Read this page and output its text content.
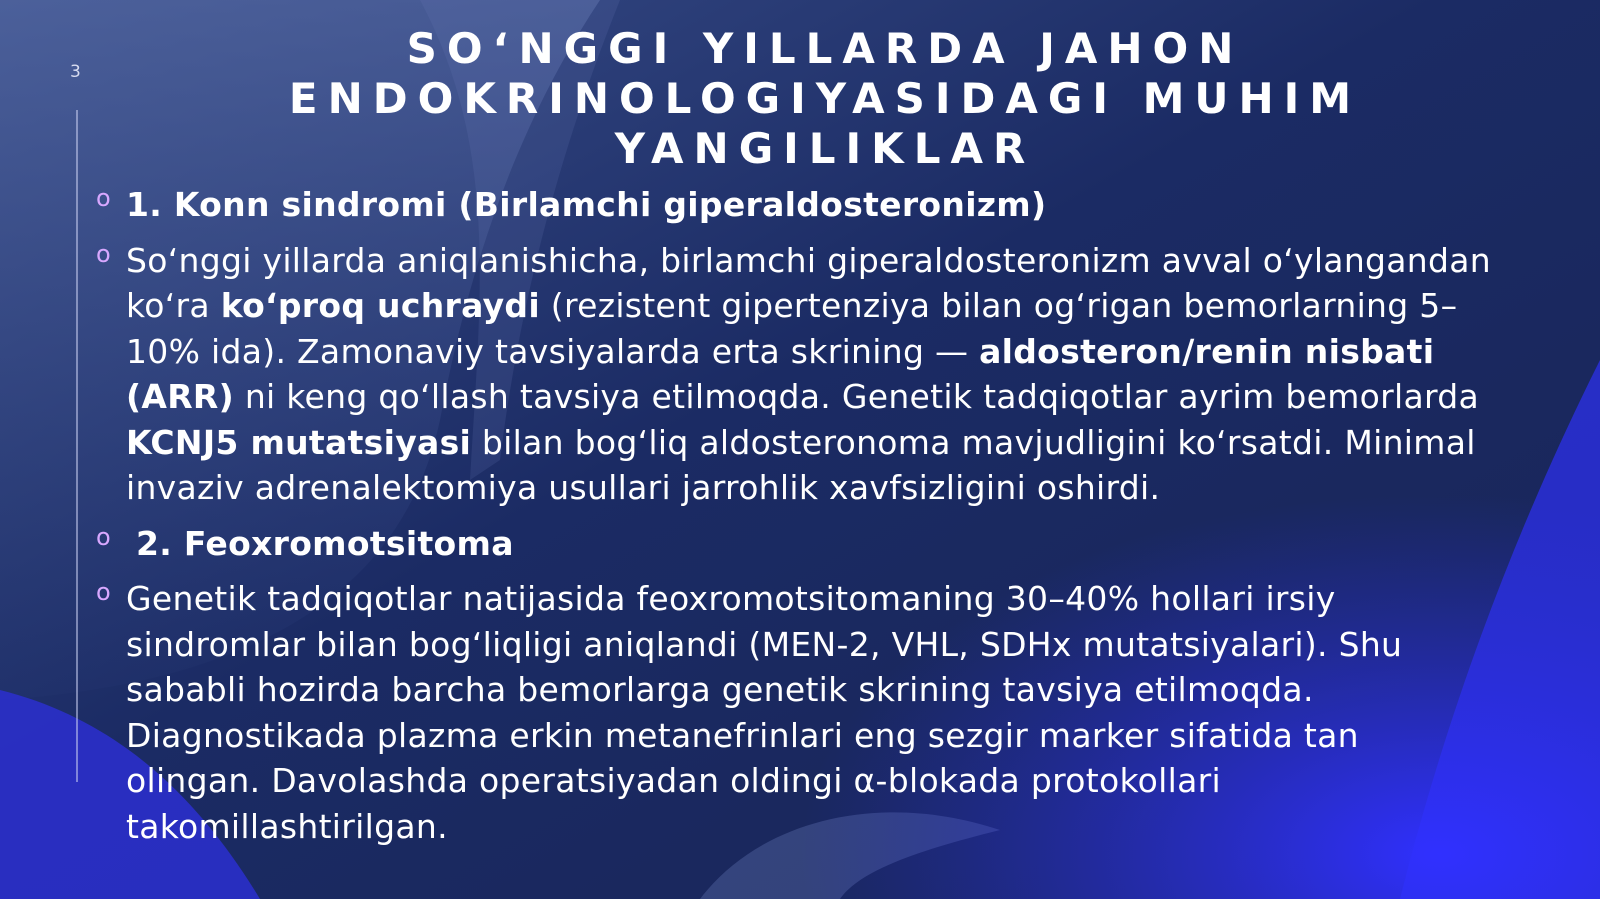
3	SO‘NGGI YILLARDA JAHON ENDOKRINOLOGIYASIDAGI MUHIM YANGILIKLAR
o 1. Konn sindromi (Birlamchi giperaldosteronizm)
o So‘nggi yillarda aniqlanishicha, birlamchi giperaldosteronizm avval o‘ylangandan ko‘ra ko‘proq uchraydi (rezistent gipertenziya bilan og‘rigan bemorlarning 5–10% ida). Zamonaviy tavsiyalarda erta skrining — aldosteron/renin nisbati (ARR) ni keng qo‘llash tavsiya etilmoqda. Genetik tadqiqotlar ayrim bemorlarda KCNJ5 mutatsiyasi bilan bog‘liq aldosteronoma mavjudligini ko‘rsatdi. Minimal invaziv adrenalektomiya usullari jarrohlik xavfsizligini oshirdi.
o 2. Feoxromotsitoma
o Genetik tadqiqotlar natijasida feoxromotsitomaning 30–40% hollari irsiy sindromlar bilan bog‘liqligi aniqlandi (MEN-2, VHL, SDHx mutatsiyalari). Shu sababli hozirda barcha bemorlarga genetik skrining tavsiya etilmoqda. Diagnostikada plazma erkin metanefrinlari eng sezgir marker sifatida tan olingan. Davolashda operatsiyadan oldingi α-blokada protokollari takomillashtirilgan.
